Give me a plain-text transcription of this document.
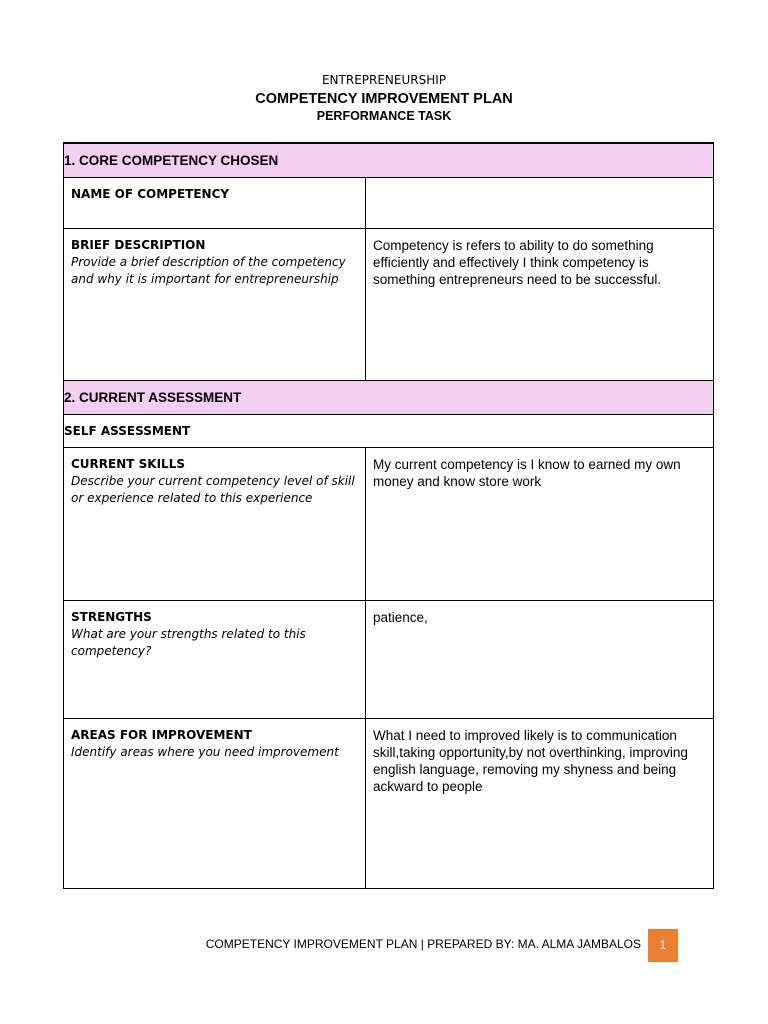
ENTREPRENEURSHIP
COMPETENCY IMPROVEMENT PLAN
PERFORMANCE TASK
1. CORE COMPETENCY CHOSEN	

NAME OF COMPETENCY	

BRIEF DESCRIPTION
Provide a brief description of the competency and why it is important for entrepreneurship	Competency is refers to ability to do something efficiently and effectively I think competency is something entrepreneurs need to be successful.

2. CURRENT ASSESSMENT	
SELF ASSESSMENT	

CURRENT SKILLS
Describe your current competency level of skill or experience related to this experience	My current competency is I know to earned my own money and know store work

STRENGTHS
What are your strengths related to this competency?	patience,

AREAS FOR IMPROVEMENT
Identify areas where you need improvement	What I need to improved likely is to communication skill,taking opportunity,by not overthinking, improving english language, removing my shyness and being ackward to people
COMPETENCY IMPROVEMENT PLAN | PREPARED BY: MA. ALMA JAMBALOS	1
